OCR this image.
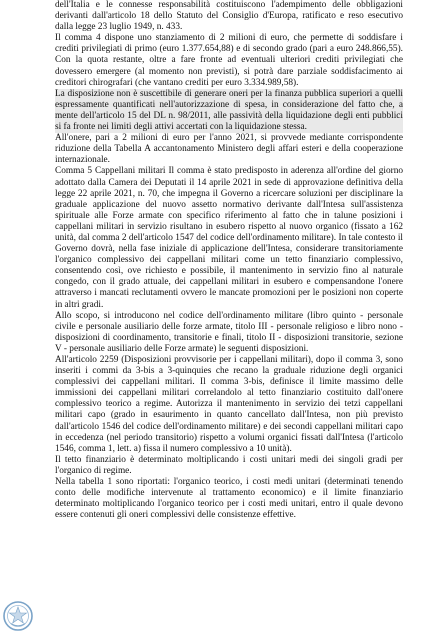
dell'Italia e le connesse responsabilità costituiscono l'adempimento delle obbligazioni derivanti dall'articolo 18 dello Statuto del Consiglio d'Europa, ratificato e reso esecutivo dalla legge 23 luglio 1949, n. 433.

Il comma 4 dispone uno stanziamento di 2 milioni di euro, che permette di soddisfare i crediti privilegiati di primo (euro 1.377.654,88) e di secondo grado (pari a euro 248.866,55). Con la quota restante, oltre a fare fronte ad eventuali ulteriori crediti privilegiati che dovessero emergere (al momento non previsti), si potrà dare parziale soddisfacimento ai creditori chirografari (che vantano crediti per euro 3.334.989,58).

La disposizione non è suscettibile di generare oneri per la finanza pubblica superiori a quelli espressamente quantificati nell'autorizzazione di spesa, in considerazione del fatto che, a mente dell'articolo 15 del DL n. 98/2011, alle passività della liquidazione degli enti pubblici si fa fronte nei limiti degli attivi accertati con la liquidazione stessa.

All'onere, pari a 2 milioni di euro per l'anno 2021, si provvede mediante corrispondente riduzione della Tabella A accantonamento Ministero degli affari esteri e della cooperazione internazionale.

Comma 5 Cappellani militari Il comma è stato predisposto in aderenza all'ordine del giorno adottato dalla Camera dei Deputati il 14 aprile 2021 in sede di approvazione definitiva della legge 22 aprile 2021, n. 70, che impegna il Governo a ricercare soluzioni per disciplinare la graduale applicazione del nuovo assetto normativo derivante dall'Intesa sull'assistenza spirituale alle Forze armate con specifico riferimento al fatto che in talune posizioni i cappellani militari in servizio risultano in esubero rispetto al nuovo organico (fissato a 162 unità, dal comma 2 dell'articolo 1547 del codice dell'ordinamento militare). In tale contesto il Governo dovrà, nella fase iniziale di applicazione dell'Intesa, considerare transitoriamente l'organico complessivo dei cappellani militari come un tetto finanziario complessivo, consentendo così, ove richiesto e possibile, il mantenimento in servizio fino al naturale congedo, con il grado attuale, dei cappellani militari in esubero e compensandone l'onere attraverso i mancati reclutamenti ovvero le mancate promozioni per le posizioni non coperte in altri gradi.

Allo scopo, si introducono nel codice dell'ordinamento militare (libro quinto - personale civile e personale ausiliario delle forze armate, titolo III - personale religioso e libro nono - disposizioni di coordinamento, transitorie e finali, titolo II - disposizioni transitorie, sezione V - personale ausiliario delle Forze armate) le seguenti disposizioni.

All'articolo 2259 (Disposizioni provvisorie per i cappellani militari), dopo il comma 3, sono inseriti i commi da 3-bis a 3-quinquies che recano la graduale riduzione degli organici complessivi dei cappellani militari. Il comma 3-bis, definisce il limite massimo delle immissioni dei cappellani militari correlandolo al tetto finanziario costituito dall'onere complessivo teorico a regime. Autorizza il mantenimento in servizio dei tetzi cappellani militari capo (grado in esaurimento in quanto cancellato dall'Intesa, non più previsto dall'articolo 1546 del codice dell'ordinamento militare) e dei secondi cappellani militari capo in eccedenza (nel periodo transitorio) rispetto a volumi organici fissati dall'Intesa (l'articolo 1546, comma 1, lett. a) fissa il numero complessivo a 10 unità).

Il tetto finanziario è determinato moltiplicando i costi unitari medi dei singoli gradi per l'organico di regime.

Nella tabella 1 sono riportati: l'organico teorico, i costi medi unitari (determinati tenendo conto delle modifiche intervenute al trattamento economico) e il limite finanziario determinato moltiplicando l'organico teorico per i costi medi unitari, entro il quale devono essere contenuti gli oneri complessivi delle consistenze effettive.
